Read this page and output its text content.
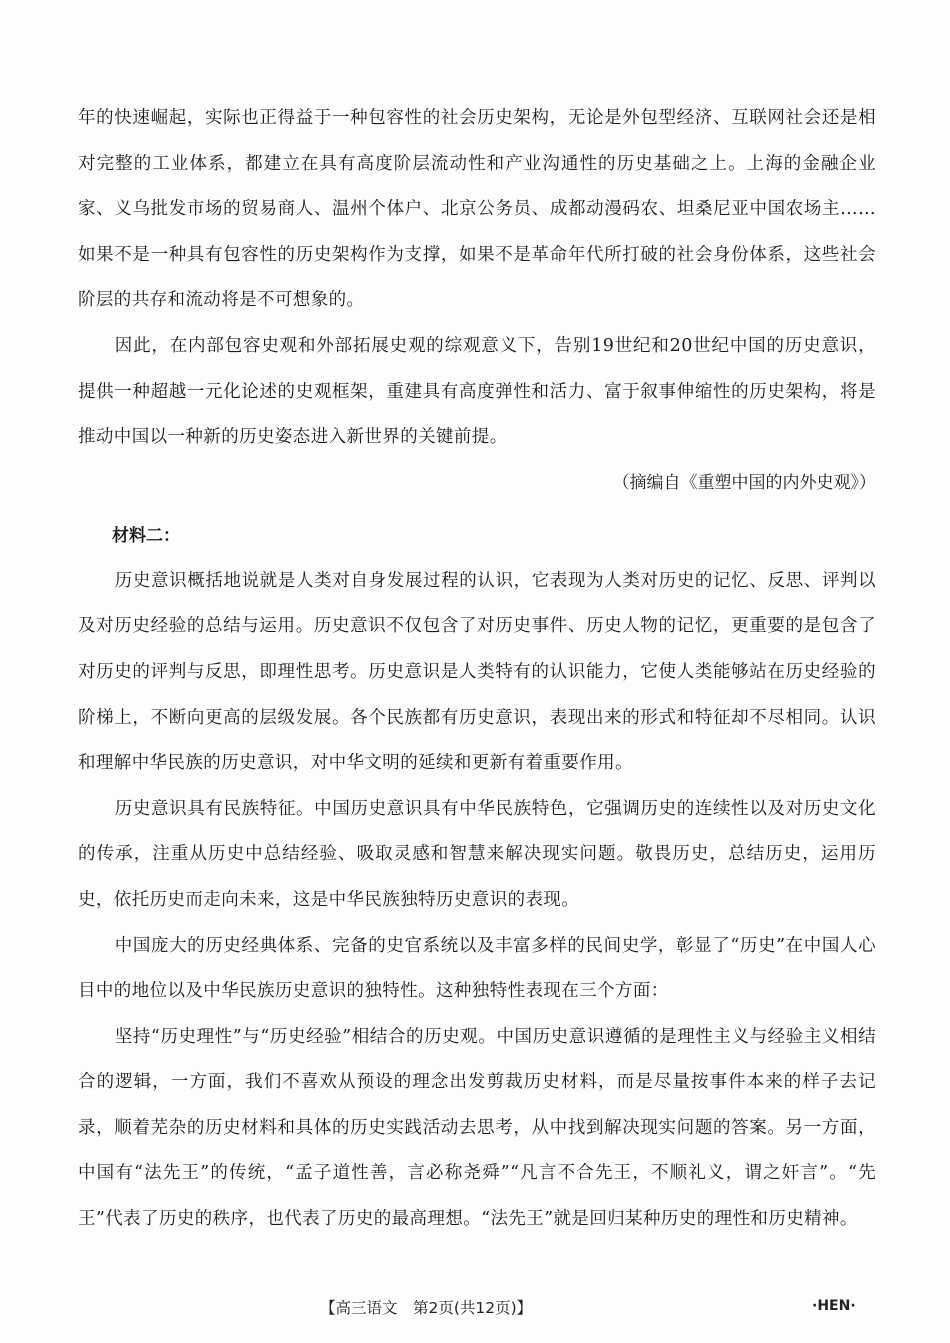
年的快速崛起，实际也正得益于一种包容性的社会历史架构，无论是外包型经济、互联网社会还是相对完整的工业体系，都建立在具有高度阶层流动性和产业沟通性的历史基础之上。上海的金融企业家、义乌批发市场的贸易商人、温州个体户、北京公务员、成都动漫码农、坦桑尼亚中国农场主……如果不是一种具有包容性的历史架构作为支撑，如果不是革命年代所打破的社会身份体系，这些社会阶层的共存和流动将是不可想象的。

因此，在内部包容史观和外部拓展史观的综观意义下，告别19世纪和20世纪中国的历史意识，提供一种超越一元化论述的史观框架，重建具有高度弹性和活力、富于叙事伸缩性的历史架构，将是推动中国以一种新的历史姿态进入新世界的关键前提。

（摘编自《重塑中国的内外史观》）

材料二：

历史意识概括地说就是人类对自身发展过程的认识，它表现为人类对历史的记忆、反思、评判以及对历史经验的总结与运用。历史意识不仅包含了对历史事件、历史人物的记忆，更重要的是包含了对历史的评判与反思，即理性思考。历史意识是人类特有的认识能力，它使人类能够站在历史经验的阶梯上，不断向更高的层级发展。各个民族都有历史意识，表现出来的形式和特征却不尽相同。认识和理解中华民族的历史意识，对中华文明的延续和更新有着重要作用。

历史意识具有民族特征。中国历史意识具有中华民族特色，它强调历史的连续性以及对历史文化的传承，注重从历史中总结经验、吸取灵感和智慧来解决现实问题。敬畏历史，总结历史，运用历史，依托历史而走向未来，这是中华民族独特历史意识的表现。

中国庞大的历史经典体系、完备的史官系统以及丰富多样的民间史学，彰显了“历史”在中国人心目中的地位以及中华民族历史意识的独特性。这种独特性表现在三个方面：

坚持“历史理性”与“历史经验”相结合的历史观。中国历史意识遵循的是理性主义与经验主义相结合的逻辑，一方面，我们不喜欢从预设的理念出发剪裁历史材料，而是尽量按事件本来的样子去记录，顺着芜杂的历史材料和具体的历史实践活动去思考，从中找到解决现实问题的答案。另一方面，中国有“法先王”的传统，“孟子道性善，言必称尧舜”“凡言不合先王，不顺礼义，谓之奸言”。“先王”代表了历史的秩序，也代表了历史的最高理想。“法先王”就是回归某种历史的理性和历史精神。

【高三语文　第2页(共12页)】	·HEN·
